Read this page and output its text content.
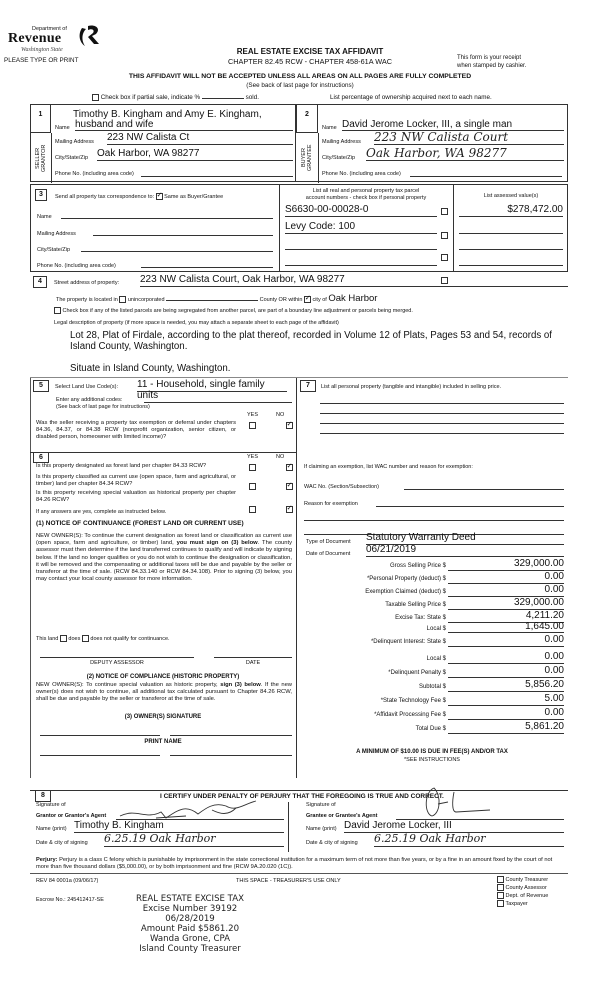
Department of
Revenue
Washington State
PLEASE TYPE OR PRINT
REAL ESTATE EXCISE TAX AFFIDAVIT
CHAPTER 82.45 RCW - CHAPTER 458-61A WAC	This form is your receipt
when stamped by cashier.
THIS AFFIDAVIT WILL NOT BE ACCEPTED UNLESS ALL AREAS ON ALL PAGES ARE FULLY COMPLETED
(See back of last page for instructions)
Check box if partial sale, indicate %	sold.	List percentage of ownership acquired next to each name.
1
SELLER GRANTOR
Timothy B. Kingham and Amy E. Kingham,
Name husband and wife
Mailing Address 223 NW Calista Ct
City/State/Zip Oak Harbor, WA 98277
Phone No. (including area code)
2
BUYER GRANTEE
Name David Jerome Locker, III, a single man
Mailing Address 223 NW Calista Court
City/State/Zip Oak Harbor, WA 98277
Phone No. (including area code)
3	Send all property tax correspondence to: ✓ Same as Buyer/Grantee
Name
Mailing Address
City/State/Zip
Phone No. (including area code)
List all real and personal property tax parcel
account numbers - check box if personal property	List assessed value(s)
S6630-00-00028-0	$278,472.00
Levy Code: 100
4	Street address of property: 223 NW Calista Court, Oak Harbor, WA 98277
The property is located in unincorporated	County OR within ✓ city of Oak Harbor
Check box if any of the listed parcels are being segregated from another parcel, are part of a boundary line adjustment or parcels being merged.
Legal description of property (if more space is needed, you may attach a separate sheet to each page of the affidavit)
Lot 28, Plat of Firdale, according to the plat thereof, recorded in Volume 12 of Plats, Pages 53 and 54, records of
Island County, Washington.
Situate in Island County, Washington.
5	Select Land Use Code(s): 11 - Household, single family units
Enter any additional codes:
(See back of last page for instructions)
YES	NO
Was the seller receiving a property tax exemption or deferral under chapters 84.36, 84.37, or 84.38 RCW (nonprofit organization, senior citizen, or disabled person, homeowner with limited income)?
✓
6	YES	NO
Is this property designated as forest land per chapter 84.33 RCW?
✓
Is this property classified as current use (open space, farm and agricultural, or timber) land per chapter 84.34 RCW?
✓
Is this property receiving special valuation as historical property per chapter 84.26 RCW?
✓
If any answers are yes, complete as instructed below.
(1) NOTICE OF CONTINUANCE (FOREST LAND OR CURRENT USE)
NEW OWNER(S): To continue the current designation as forest land or classification as current use (open space, farm and agriculture, or timber) land, you must sign on (3) below. The county assessor must then determine if the land transferred continues to qualify and will indicate by signing below. If the land no longer qualifies or you do not wish to continue the designation or classification, it will be removed and the compensating or additional taxes will be due and payable by the seller or transferor at the time of sale. (RCW 84.33.140 or RCW 84.34.108). Prior to signing (3) below, you may contact your local county assessor for more information.
This land does does not qualify for continuance.
DEPUTY ASSESSOR	DATE
(2) NOTICE OF COMPLIANCE (HISTORIC PROPERTY)
NEW OWNER(S): To continue special valuation as historic property, sign (3) below. If the new owner(s) does not wish to continue, all additional tax calculated pursuant to Chapter 84.26 RCW, shall be due and payable by the seller or transferor at the time of sale.
(3) OWNER(S) SIGNATURE
PRINT NAME
7	List all personal property (tangible and intangible) included in selling price.
If claiming an exemption, list WAC number and reason for exemption:
WAC No. (Section/Subsection)
Reason for exemption
Type of Document Statutory Warranty Deed
Date of Document 06/21/2019
Gross Selling Price $	329,000.00
*Personal Property (deduct) $	0.00
Exemption Claimed (deduct) $	0.00
Taxable Selling Price $	329,000.00
Excise Tax: State $	4,211.20
Local $	1,645.00
*Delinquent Interest: State $	0.00
Local $	0.00
*Delinquent Penalty $	0.00
Subtotal $	5,856.20
*State Technology Fee $	5.00
*Affidavit Processing Fee $	0.00
Total Due $	5,861.20
A MINIMUM OF $10.00 IS DUE IN FEE(S) AND/OR TAX
*SEE INSTRUCTIONS
8	I CERTIFY UNDER PENALTY OF PERJURY THAT THE FOREGOING IS TRUE AND CORRECT.
Signature of
Grantor or Grantor's Agent
Name (print) Timothy B. Kingham
Date & city of signing 6.25.19 Oak Harbor
Signature of
Grantee or Grantee's Agent
Name (print) David Jerome Locker, III
Date & city of signing 6.25.19 Oak Harbor
Perjury: Perjury is a class C felony which is punishable by imprisonment in the state correctional institution for a maximum term of not more than five years, or by a fine in an amount fixed by the court of not more than five thousand dollars ($5,000.00), or by both imprisonment and fine (RCW 9A.20.020 (1C)).
REV 84 0001a (09/06/17)	THIS SPACE - TREASURER'S USE ONLY
Escrow No.: 245412417-SE	REAL ESTATE EXCISE TAX
Excise Number 39192
06/28/2019
Amount Paid $5861.20
Wanda Grone, CPA
Island County Treasurer
County Treasurer
County Assessor
Dept. of Revenue
Taxpayer
